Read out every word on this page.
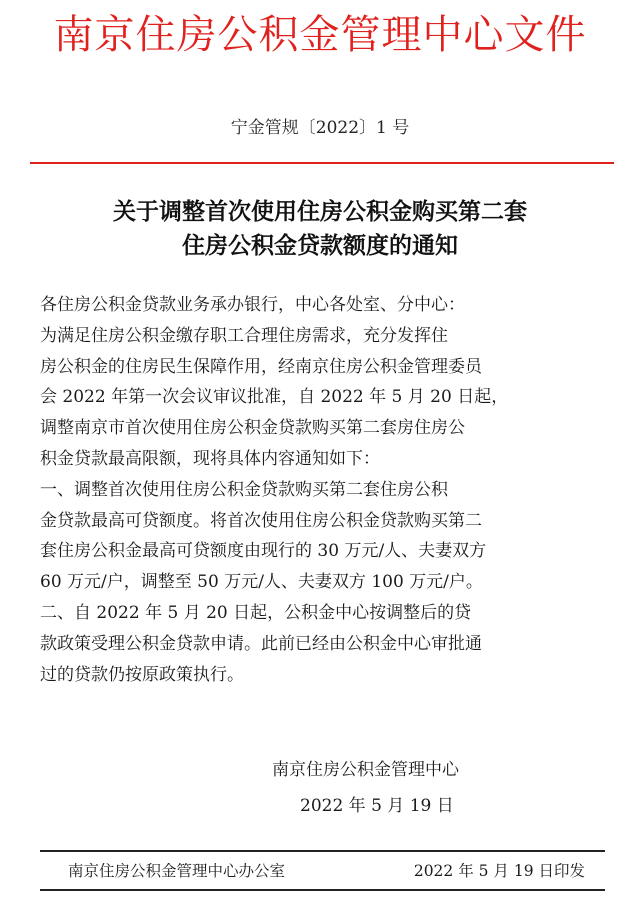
南京住房公积金管理中心文件
宁金管规〔2022〕1 号
关于调整首次使用住房公积金购买第二套
住房公积金贷款额度的通知
各住房公积金贷款业务承办银行，中心各处室、分中心：
为满足住房公积金缴存职工合理住房需求，充分发挥住
房公积金的住房民生保障作用，经南京住房公积金管理委员
会 2022 年第一次会议审议批准，自 2022 年 5 月 20 日起，
调整南京市首次使用住房公积金贷款购买第二套房住房公
积金贷款最高限额，现将具体内容通知如下：
一、调整首次使用住房公积金贷款购买第二套住房公积
金贷款最高可贷额度。将首次使用住房公积金贷款购买第二
套住房公积金最高可贷额度由现行的 30 万元/人、夫妻双方
60 万元/户，调整至 50 万元/人、夫妻双方 100 万元/户。
二、自 2022 年 5 月 20 日起，公积金中心按调整后的贷
款政策受理公积金贷款申请。此前已经由公积金中心审批通
过的贷款仍按原政策执行。
南京住房公积金管理中心
2022 年 5 月 19 日
南京住房公积金管理中心办公室	2022 年 5 月 19 日印发
